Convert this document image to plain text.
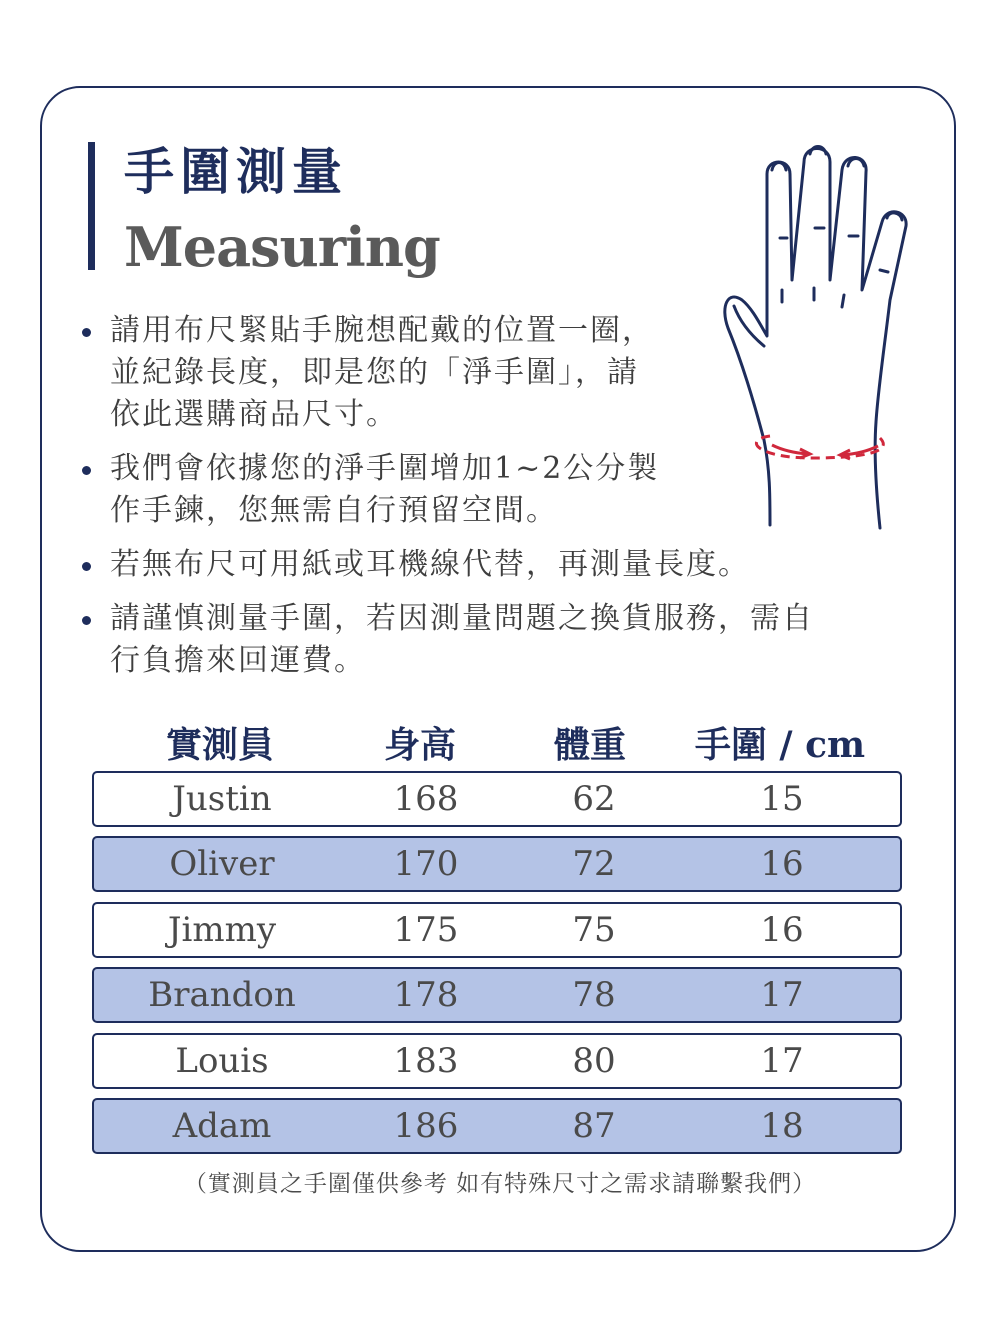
手圍測量
Measuring
請用布尺緊貼手腕想配戴的位置一圈，
並紀錄長度，即是您的「淨手圍」，請
依此選購商品尺寸。
我們會依據您的淨手圍增加1~2公分製
作手鍊，您無需自行預留空間。
若無布尺可用紙或耳機線代替，再測量長度。
請謹慎測量手圍，若因測量問題之換貨服務，需自
行負擔來回運費。
實測員	身高	體重	手圍 / cm
Justin	168	62	15
Oliver	170	72	16
Jimmy	175	75	16
Brandon	178	78	17
Louis	183	80	17
Adam	186	87	18
（實測員之手圍僅供參考 如有特殊尺寸之需求請聯繫我們）
